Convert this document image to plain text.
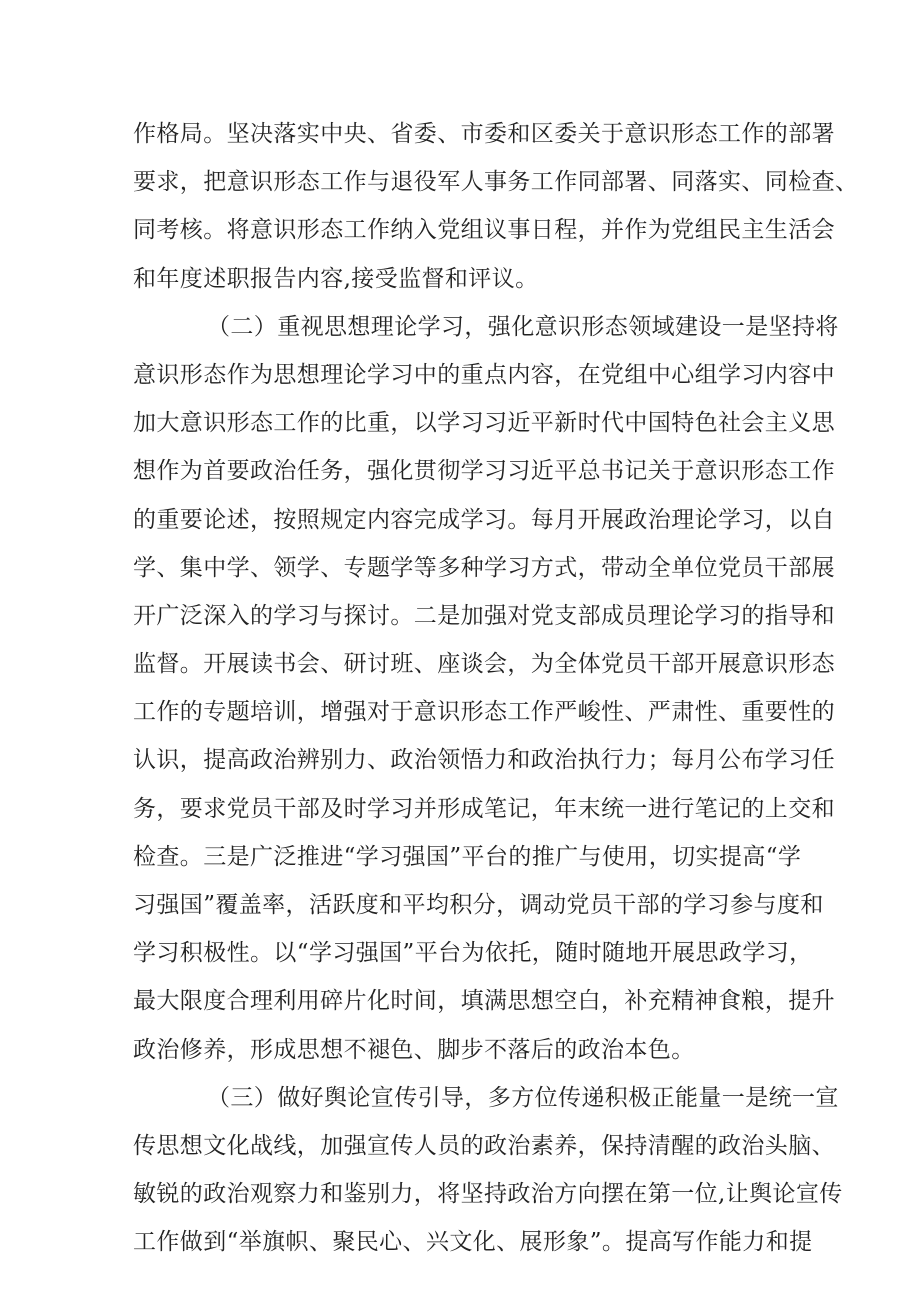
作格局。坚决落实中央、省委、市委和区委关于意识形态工作的部署
要求，把意识形态工作与退役军人事务工作同部署、同落实、同检查、
同考核。将意识形态工作纳入党组议事日程，并作为党组民主生活会
和年度述职报告内容,接受监督和评议。
（二）重视思想理论学习，强化意识形态领域建设一是坚持将
意识形态作为思想理论学习中的重点内容，在党组中心组学习内容中
加大意识形态工作的比重，以学习习近平新时代中国特色社会主义思
想作为首要政治任务，强化贯彻学习习近平总书记关于意识形态工作
的重要论述，按照规定内容完成学习。每月开展政治理论学习，以自
学、集中学、领学、专题学等多种学习方式，带动全单位党员干部展
开广泛深入的学习与探讨。二是加强对党支部成员理论学习的指导和
监督。开展读书会、研讨班、座谈会，为全体党员干部开展意识形态
工作的专题培训，增强对于意识形态工作严峻性、严肃性、重要性的
认识，提高政治辨别力、政治领悟力和政治执行力；每月公布学习任
务，要求党员干部及时学习并形成笔记，年末统一进行笔记的上交和
检查。三是广泛推进“学习强国”平台的推广与使用，切实提高“学
习强国”覆盖率，活跃度和平均积分，调动党员干部的学习参与度和
学习积极性。以“学习强国”平台为依托，随时随地开展思政学习，
最大限度合理利用碎片化时间，填满思想空白，补充精神食粮，提升
政治修养，形成思想不褪色、脚步不落后的政治本色。
（三）做好舆论宣传引导，多方位传递积极正能量一是统一宣
传思想文化战线，加强宣传人员的政治素养，保持清醒的政治头脑、
敏锐的政治观察力和鉴别力，将坚持政治方向摆在第一位,让舆论宣传
工作做到“举旗帜、聚民心、兴文化、展形象”。提高写作能力和提
